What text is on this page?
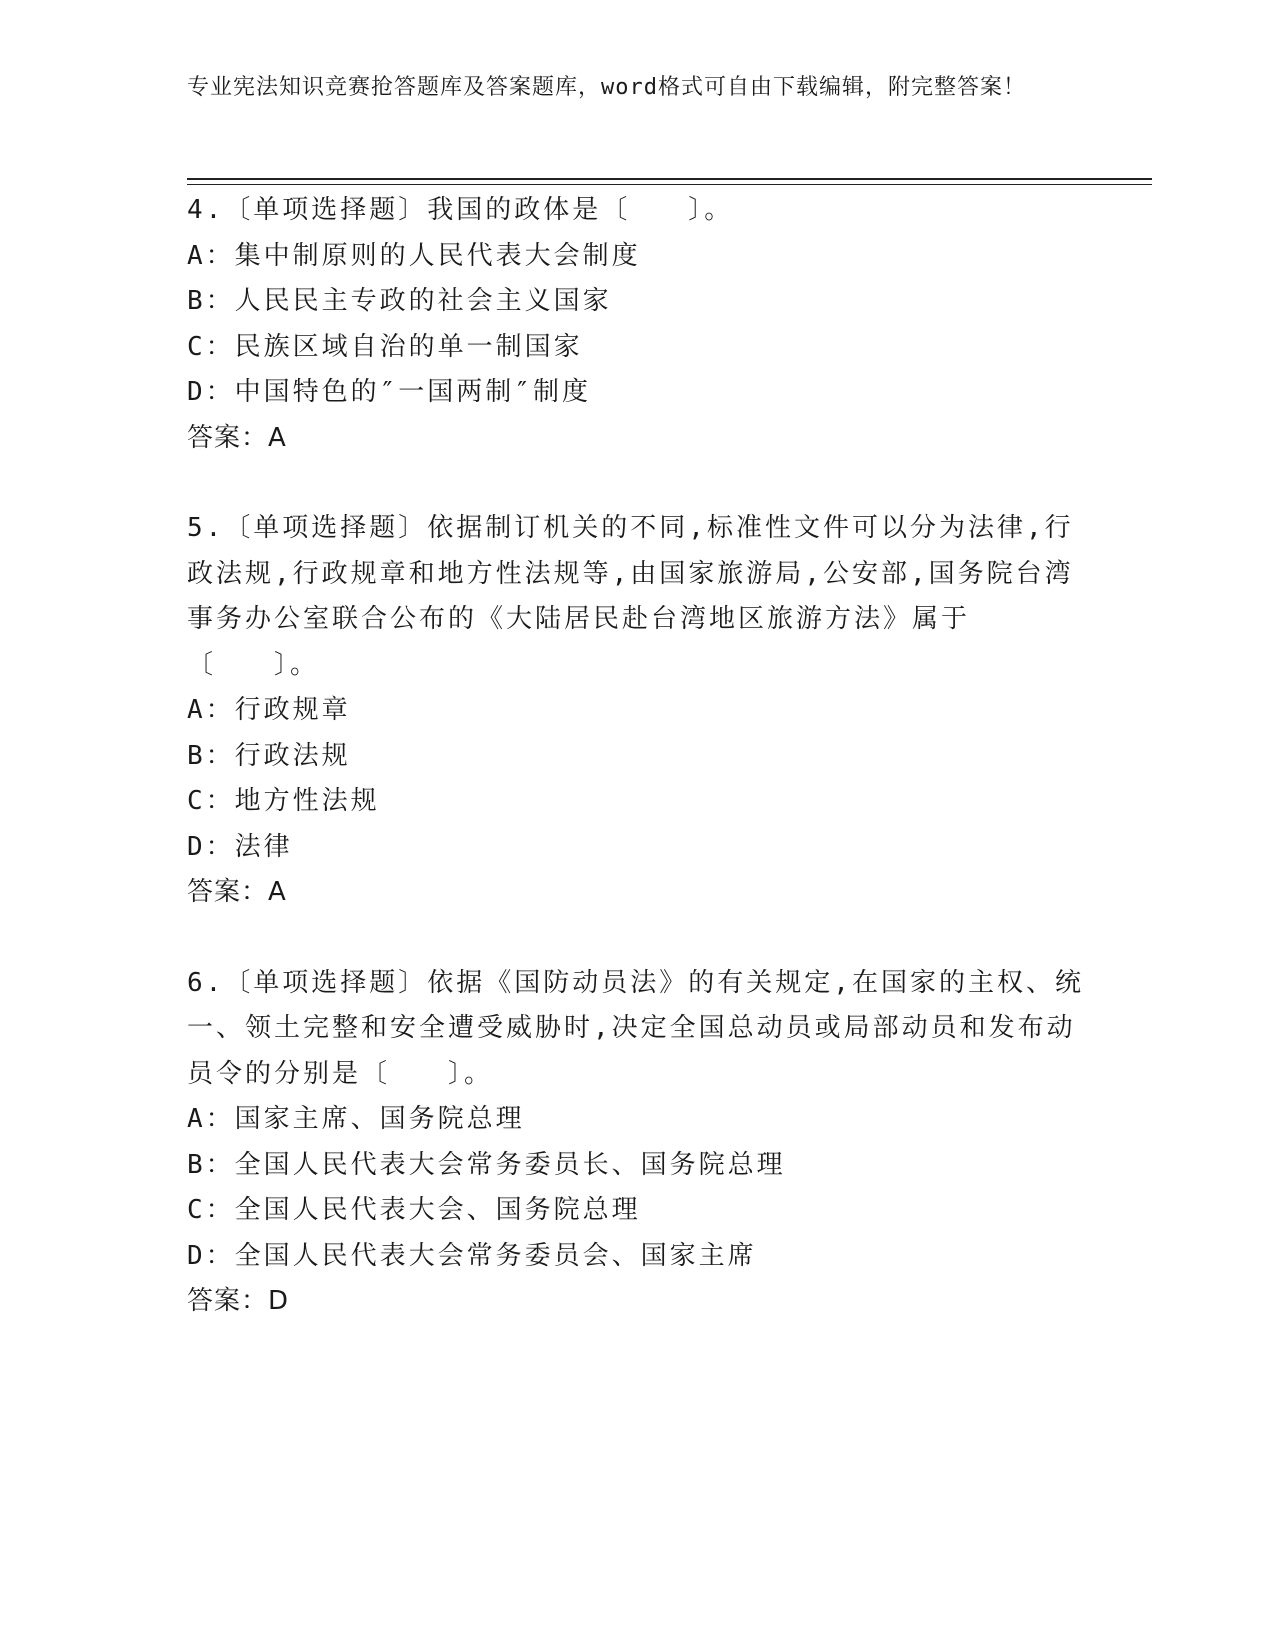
专业宪法知识竞赛抢答题库及答案题库，word格式可自由下载编辑，附完整答案！

4.〔单项选择题〕我国的政体是〔　　〕。

A：集中制原则的人民代表大会制度

B：人民民主专政的社会主义国家

C：民族区域自治的单一制国家

D：中国特色的″一国两制″制度

答案：A

5.〔单项选择题〕依据制订机关的不同,标准性文件可以分为法律,行政法规,行政规章和地方性法规等,由国家旅游局,公安部,国务院台湾事务办公室联合公布的《大陆居民赴台湾地区旅游方法》属于〔　　〕。

A：行政规章

B：行政法规

C：地方性法规

D：法律

答案：A

6.〔单项选择题〕依据《国防动员法》的有关规定,在国家的主权、统一、领土完整和安全遭受威胁时,决定全国总动员或局部动员和发布动员令的分别是〔　　〕。

A：国家主席、国务院总理

B：全国人民代表大会常务委员长、国务院总理

C：全国人民代表大会、国务院总理

D：全国人民代表大会常务委员会、国家主席

答案：D
